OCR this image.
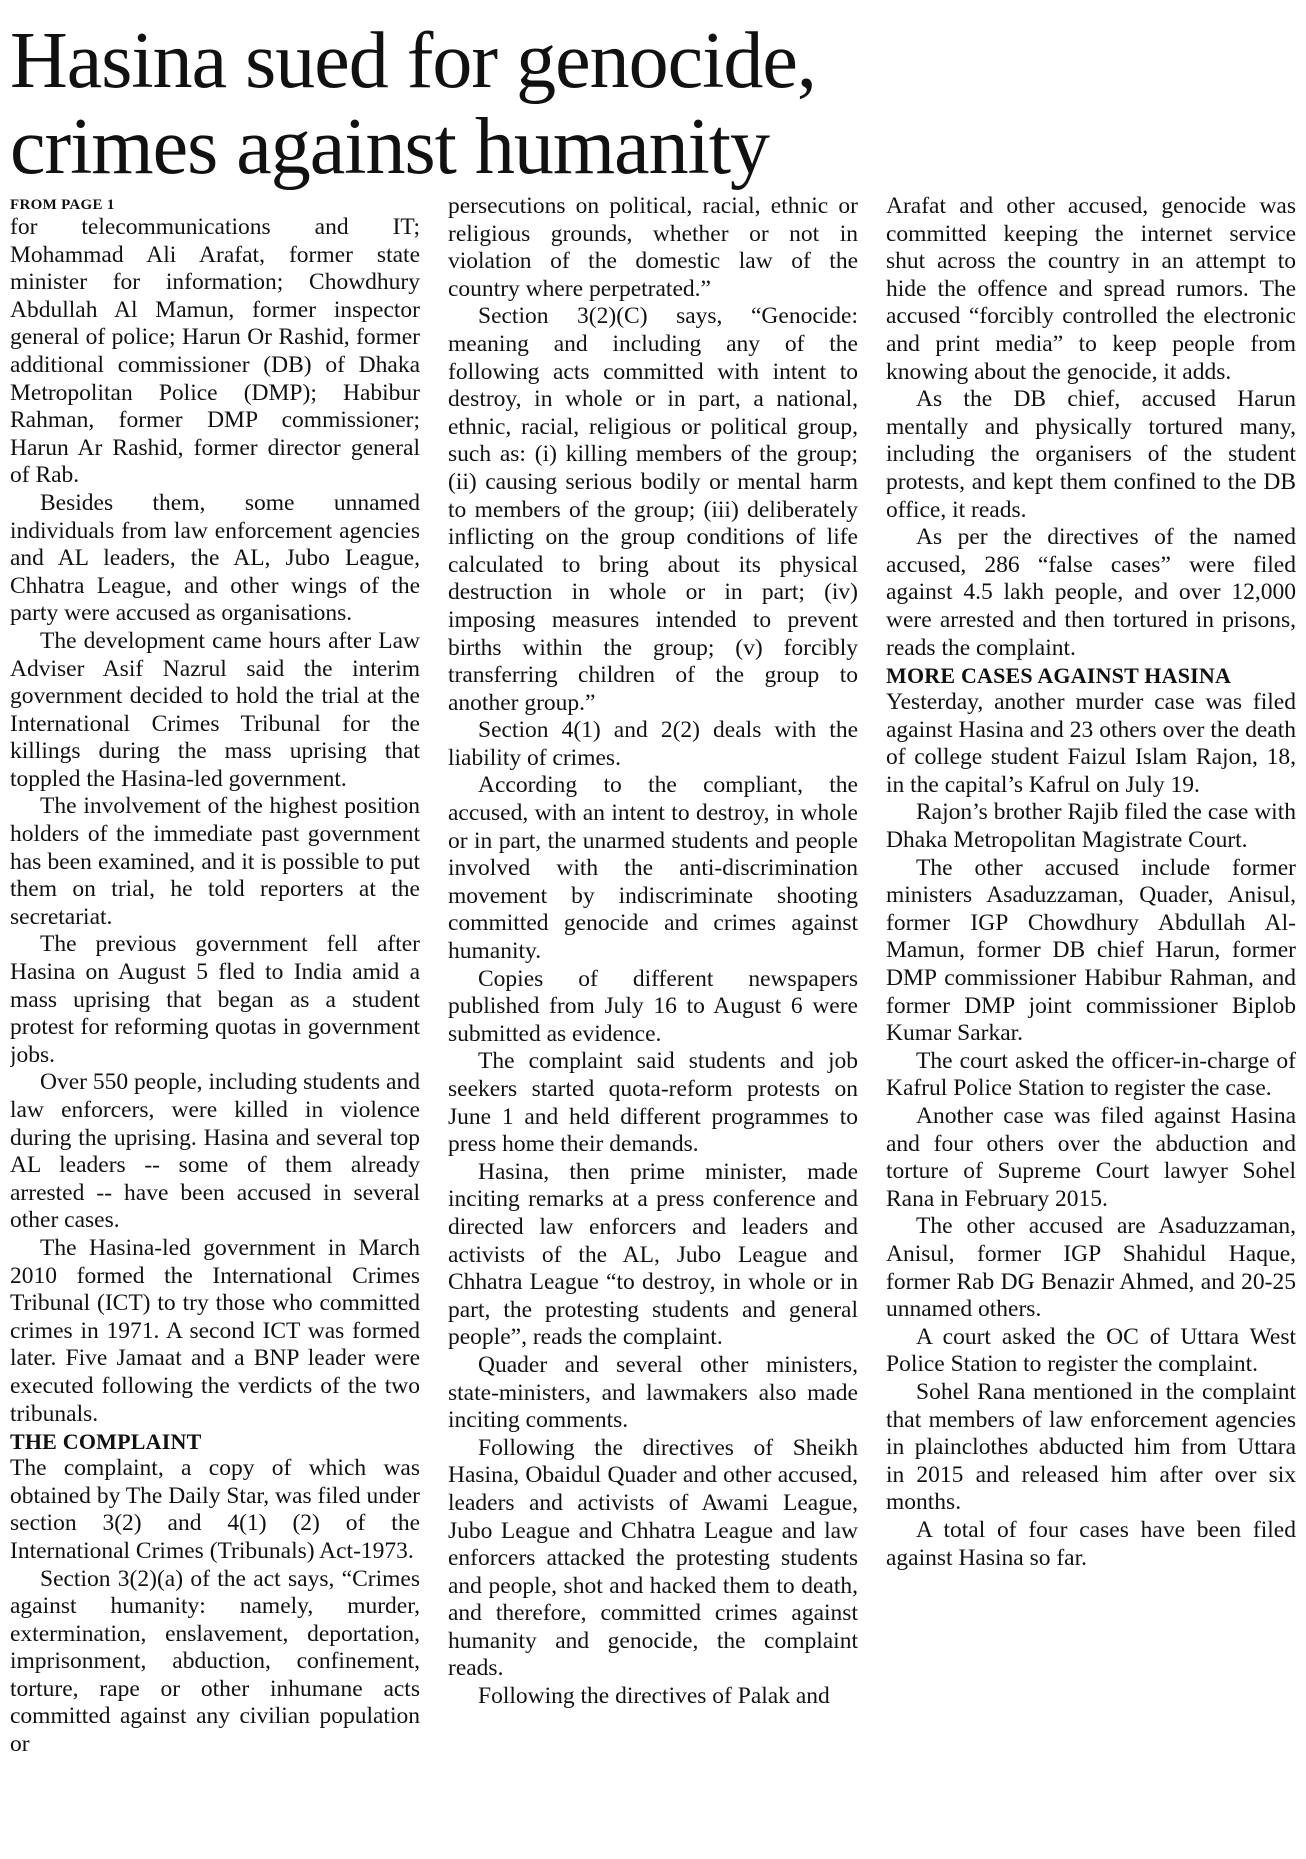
Hasina sued for genocide,
crimes against humanity
FROM PAGE 1

for telecommunications and IT; Mohammad Ali Arafat, former state minister for information; Chowdhury Abdullah Al Mamun, former inspector general of police; Harun Or Rashid, former additional commissioner (DB) of Dhaka Metropolitan Police (DMP); Habibur Rahman, former DMP commissioner; Harun Ar Rashid, former director general of Rab.

Besides them, some unnamed individuals from law enforcement agencies and AL leaders, the AL, Jubo League, Chhatra League, and other wings of the party were accused as organisations.

The development came hours after Law Adviser Asif Nazrul said the interim government decided to hold the trial at the International Crimes Tribunal for the killings during the mass uprising that toppled the Hasina-led government.

The involvement of the highest position holders of the immediate past government has been examined, and it is possible to put them on trial, he told reporters at the secretariat.

The previous government fell after Hasina on August 5 fled to India amid a mass uprising that began as a student protest for reforming quotas in government jobs.

Over 550 people, including students and law enforcers, were killed in violence during the uprising. Hasina and several top AL leaders -- some of them already arrested -- have been accused in several other cases.

The Hasina-led government in March 2010 formed the International Crimes Tribunal (ICT) to try those who committed crimes in 1971. A second ICT was formed later. Five Jamaat and a BNP leader were executed following the verdicts of the two tribunals.

THE COMPLAINT

The complaint, a copy of which was obtained by The Daily Star, was filed under section 3(2) and 4(1) (2) of the International Crimes (Tribunals) Act-1973.

Section 3(2)(a) of the act says, “Crimes against humanity: namely, murder, extermination, enslavement, deportation, imprisonment, abduction, confinement, torture, rape or other inhumane acts committed against any civilian population or

persecutions on political, racial, ethnic or religious grounds, whether or not in violation of the domestic law of the country where perpetrated.”

Section 3(2)(C) says, “Genocide: meaning and including any of the following acts committed with intent to destroy, in whole or in part, a national, ethnic, racial, religious or political group, such as: (i) killing members of the group; (ii) causing serious bodily or mental harm to members of the group; (iii) deliberately inflicting on the group conditions of life calculated to bring about its physical destruction in whole or in part; (iv) imposing measures intended to prevent births within the group; (v) forcibly transferring children of the group to another group.”

Section 4(1) and 2(2) deals with the liability of crimes.

According to the compliant, the accused, with an intent to destroy, in whole or in part, the unarmed students and people involved with the anti-discrimination movement by indiscriminate shooting committed genocide and crimes against humanity.

Copies of different newspapers published from July 16 to August 6 were submitted as evidence.

The complaint said students and job seekers started quota-reform protests on June 1 and held different programmes to press home their demands.

Hasina, then prime minister, made inciting remarks at a press conference and directed law enforcers and leaders and activists of the AL, Jubo League and Chhatra League “to destroy, in whole or in part, the protesting students and general people”, reads the complaint.

Quader and several other ministers, state-ministers, and lawmakers also made inciting comments.

Following the directives of Sheikh Hasina, Obaidul Quader and other accused, leaders and activists of Awami League, Jubo League and Chhatra League and law enforcers attacked the protesting students and people, shot and hacked them to death, and therefore, committed crimes against humanity and genocide, the complaint reads.

Following the directives of Palak and

Arafat and other accused, genocide was committed keeping the internet service shut across the country in an attempt to hide the offence and spread rumors. The accused “forcibly controlled the electronic and print media” to keep people from knowing about the genocide, it adds.

As the DB chief, accused Harun mentally and physically tortured many, including the organisers of the student protests, and kept them confined to the DB office, it reads.

As per the directives of the named accused, 286 “false cases” were filed against 4.5 lakh people, and over 12,000 were arrested and then tortured in prisons, reads the complaint.

MORE CASES AGAINST HASINA

Yesterday, another murder case was filed against Hasina and 23 others over the death of college student Faizul Islam Rajon, 18, in the capital’s Kafrul on July 19.

Rajon’s brother Rajib filed the case with Dhaka Metropolitan Magistrate Court.

The other accused include former ministers Asaduzzaman, Quader, Anisul, former IGP Chowdhury Abdullah Al-Mamun, former DB chief Harun, former DMP commissioner Habibur Rahman, and former DMP joint commissioner Biplob Kumar Sarkar.

The court asked the officer-in-charge of Kafrul Police Station to register the case.

Another case was filed against Hasina and four others over the abduction and torture of Supreme Court lawyer Sohel Rana in February 2015.

The other accused are Asaduzzaman, Anisul, former IGP Shahidul Haque, former Rab DG Benazir Ahmed, and 20-25 unnamed others.

A court asked the OC of Uttara West Police Station to register the complaint.

Sohel Rana mentioned in the complaint that members of law enforcement agencies in plainclothes abducted him from Uttara in 2015 and released him after over six months.

A total of four cases have been filed against Hasina so far.
